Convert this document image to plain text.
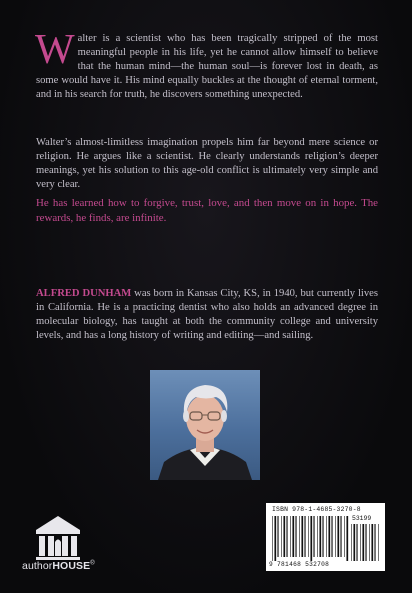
Walter is a scientist who has been tragically stripped of the most meaningful people in his life, yet he cannot allow himself to believe that the human mind—the human soul—is forever lost in death, as some would have it. His mind equally buckles at the thought of eternal torment, and in his search for truth, he discovers something unexpected.
Walter’s almost-limitless imagination propels him far beyond mere science or religion. He argues like a scientist. He clearly understands religion’s deeper meanings, yet his solution to this age-old conflict is ultimately very simple and very clear.
He has learned how to forgive, trust, love, and then move on in hope. The rewards, he finds, are infinite.
ALFRED DUNHAM was born in Kansas City, KS, in 1940, but currently lives in California. He is a practicing dentist who also holds an advanced degree in molecular biology, has taught at both the community college and university levels, and has a long history of writing and editing—and sailing.
authorHOUSE®
ISBN 978-1-4685-3270-8
53199
9 781468 532708
